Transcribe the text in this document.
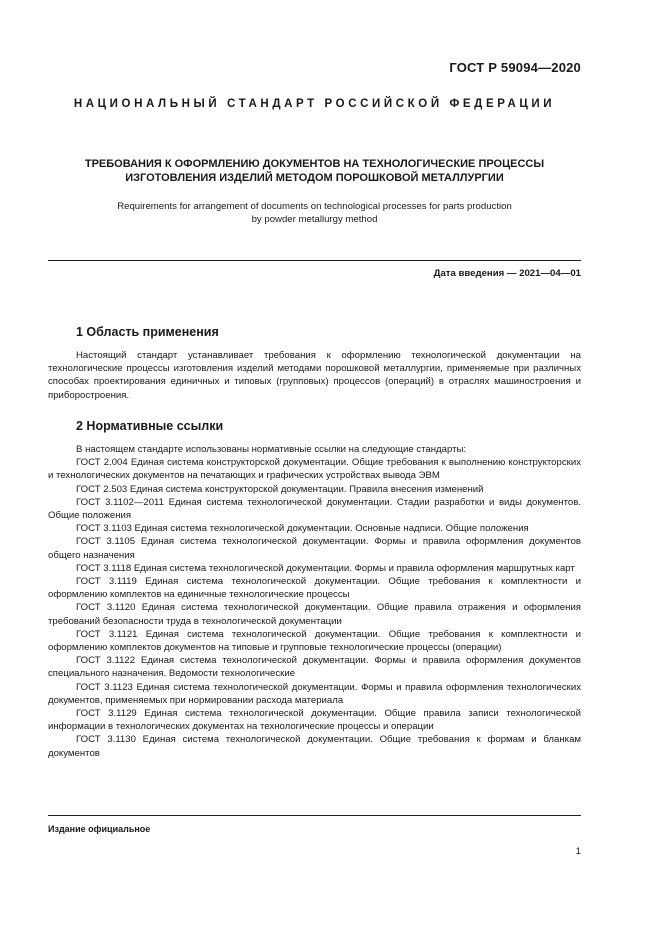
ГОСТ Р 59094—2020
НАЦИОНАЛЬНЫЙ СТАНДАРТ РОССИЙСКОЙ ФЕДЕРАЦИИ
ТРЕБОВАНИЯ К ОФОРМЛЕНИЮ ДОКУМЕНТОВ НА ТЕХНОЛОГИЧЕСКИЕ ПРОЦЕССЫ
ИЗГОТОВЛЕНИЯ ИЗДЕЛИЙ МЕТОДОМ ПОРОШКОВОЙ МЕТАЛЛУРГИИ
Requirements for arrangement of documents on technological processes for parts production
by powder metallurgy method
Дата введения — 2021—04—01
1 Область применения

Настоящий стандарт устанавливает требования к оформлению технологической документации на технологические процессы изготовления изделий методами порошковой металлургии, применяемые при различных способах проектирования единичных и типовых (групповых) процессов (операций) в отраслях машиностроения и приборостроения.

2 Нормативные ссылки

В настоящем стандарте использованы нормативные ссылки на следующие стандарты:

ГОСТ 2.004 Единая система конструкторской документации. Общие требования к выполнению конструкторских и технологических документов на печатающих и графических устройствах вывода ЭВМ

ГОСТ 2.503 Единая система конструкторской документации. Правила внесения изменений

ГОСТ 3.1102—2011 Единая система технологической документации. Стадии разработки и виды документов. Общие положения

ГОСТ 3.1103 Единая система технологической документации. Основные надписи. Общие положения

ГОСТ 3.1105 Единая система технологической документации. Формы и правила оформления документов общего назначения

ГОСТ 3.1118 Единая система технологической документации. Формы и правила оформления маршрутных карт

ГОСТ 3.1119 Единая система технологической документации. Общие требования к комплектности и оформлению комплектов на единичные технологические процессы

ГОСТ 3.1120 Единая система технологической документации. Общие правила отражения и оформления требований безопасности труда в технологической документации

ГОСТ 3.1121 Единая система технологической документации. Общие требования к комплектности и оформлению комплектов документов на типовые и групповые технологические процессы (операции)

ГОСТ 3.1122 Единая система технологической документации. Формы и правила оформления документов специального назначения. Ведомости технологические

ГОСТ 3.1123 Единая система технологической документации. Формы и правила оформления технологических документов, применяемых при нормировании расхода материала

ГОСТ 3.1129 Единая система технологической документации. Общие правила записи технологической информации в технологических документах на технологические процессы и операции

ГОСТ 3.1130 Единая система технологической документации. Общие требования к формам и бланкам документов

Издание официальное
1
